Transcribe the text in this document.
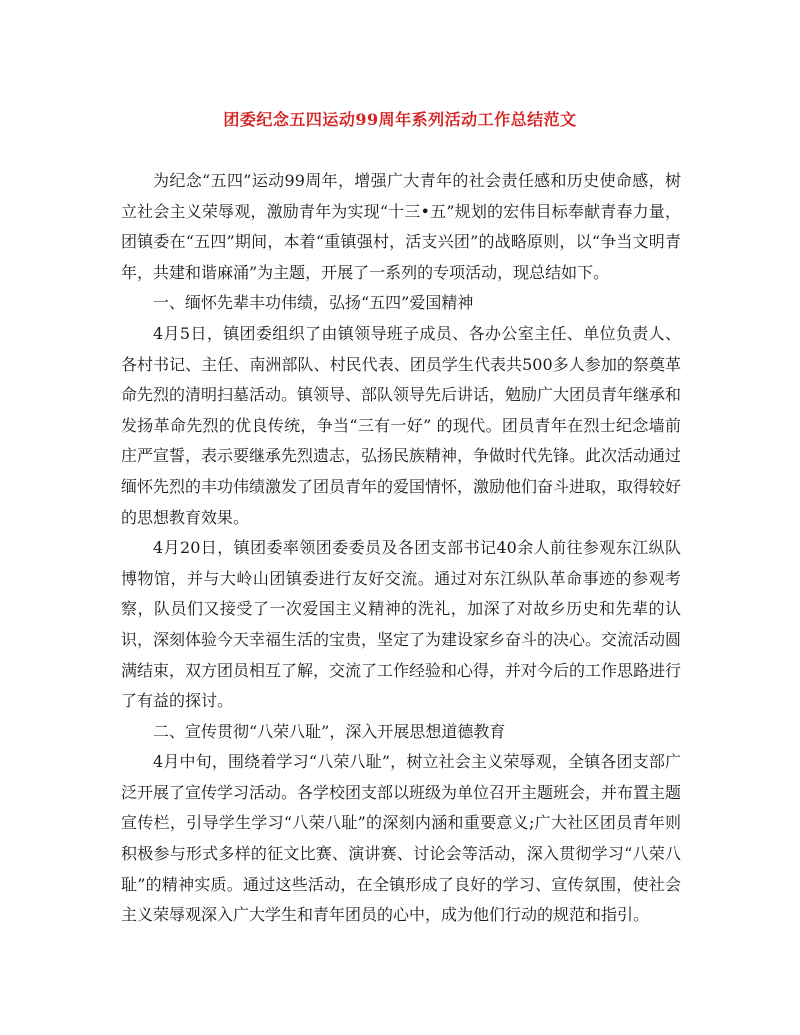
团委纪念五四运动99周年系列活动工作总结范文

为纪念“五四”运动99周年，增强广大青年的社会责任感和历史使命感，树立社会主义荣辱观，激励青年为实现“十三•五”规划的宏伟目标奉献青春力量，团镇委在“五四”期间，本着“重镇强村，活支兴团”的战略原则，以“争当文明青年，共建和谐麻涌”为主题，开展了一系列的专项活动，现总结如下。

一、缅怀先辈丰功伟绩，弘扬“五四”爱国精神

4月5日，镇团委组织了由镇领导班子成员、各办公室主任、单位负责人、各村书记、主任、南洲部队、村民代表、团员学生代表共500多人参加的祭奠革命先烈的清明扫墓活动。镇领导、部队领导先后讲话，勉励广大团员青年继承和发扬革命先烈的优良传统，争当“三有一好” 的现代。团员青年在烈士纪念墙前庄严宣誓，表示要继承先烈遗志，弘扬民族精神，争做时代先锋。此次活动通过缅怀先烈的丰功伟绩激发了团员青年的爱国情怀，激励他们奋斗进取，取得较好的思想教育效果。

4月20日，镇团委率领团委委员及各团支部书记40余人前往参观东江纵队博物馆，并与大岭山团镇委进行友好交流。通过对东江纵队革命事迹的参观考察，队员们又接受了一次爱国主义精神的洗礼，加深了对故乡历史和先辈的认识，深刻体验今天幸福生活的宝贵，坚定了为建设家乡奋斗的决心。交流活动圆满结束，双方团员相互了解，交流了工作经验和心得，并对今后的工作思路进行了有益的探讨。

二、宣传贯彻“八荣八耻”，深入开展思想道德教育

4月中旬，围绕着学习“八荣八耻”，树立社会主义荣辱观，全镇各团支部广泛开展了宣传学习活动。各学校团支部以班级为单位召开主题班会，并布置主题宣传栏，引导学生学习“八荣八耻”的深刻内涵和重要意义;广大社区团员青年则积极参与形式多样的征文比赛、演讲赛、讨论会等活动，深入贯彻学习“八荣八耻”的精神实质。通过这些活动，在全镇形成了良好的学习、宣传氛围，使社会主义荣辱观深入广大学生和青年团员的心中，成为他们行动的规范和指引。
